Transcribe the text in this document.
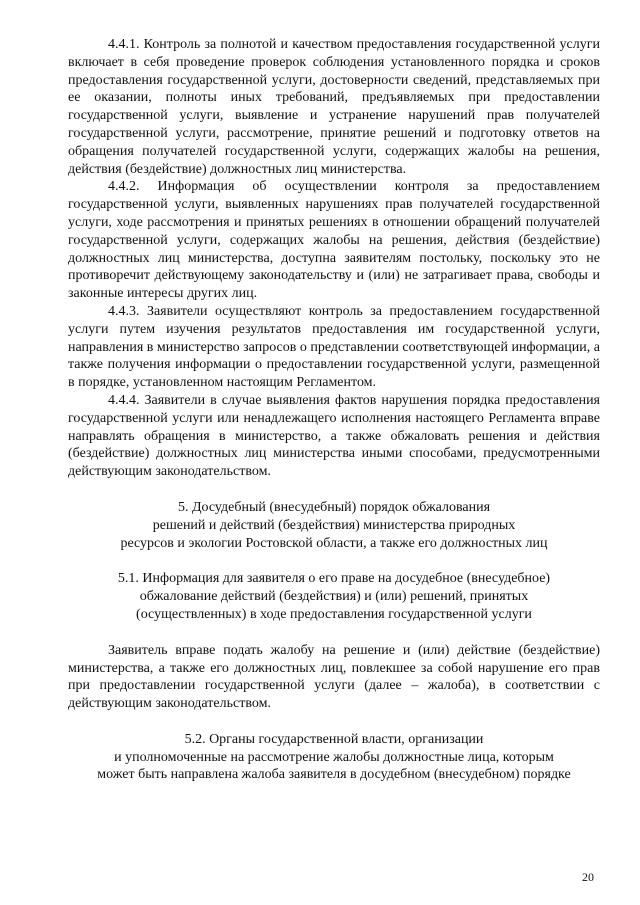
4.4.1. Контроль за полнотой и качеством предоставления государственной услуги включает в себя проведение проверок соблюдения установленного порядка и сроков предоставления государственной услуги, достоверности сведений, представляемых при ее оказании, полноты иных требований, предъявляемых при предоставлении государственной услуги, выявление и устранение нарушений прав получателей государственной услуги, рассмотрение, принятие решений и подготовку ответов на обращения получателей государственной услуги, содержащих жалобы на решения, действия (бездействие) должностных лиц министерства.

4.4.2. Информация об осуществлении контроля за предоставлением государственной услуги, выявленных нарушениях прав получателей государственной услуги, ходе рассмотрения и принятых решениях в отношении обращений получателей государственной услуги, содержащих жалобы на решения, действия (бездействие) должностных лиц министерства, доступна заявителям постольку, поскольку это не противоречит действующему законодательству и (или) не затрагивает права, свободы и законные интересы других лиц.

4.4.3. Заявители осуществляют контроль за предоставлением государственной услуги путем изучения результатов предоставления им государственной услуги, направления в министерство запросов о представлении соответствующей информации, а также получения информации о предоставлении государственной услуги, размещенной в порядке, установленном настоящим Регламентом.

4.4.4. Заявители в случае выявления фактов нарушения порядка предоставления государственной услуги или ненадлежащего исполнения настоящего Регламента вправе направлять обращения в министерство, а также обжаловать решения и действия (бездействие) должностных лиц министерства иными способами, предусмотренными действующим законодательством.

5. Досудебный (внесудебный) порядок обжалования

решений и действий (бездействия) министерства природных

ресурсов и экологии Ростовской области, а также его должностных лиц

5.1. Информация для заявителя о его праве на досудебное (внесудебное)

обжалование действий (бездействия) и (или) решений, принятых

(осуществленных) в ходе предоставления государственной услуги

Заявитель вправе подать жалобу на решение и (или) действие (бездействие) министерства, а также его должностных лиц, повлекшее за собой нарушение его прав при предоставлении государственной услуги (далее – жалоба), в соответствии с действующим законодательством.

5.2. Органы государственной власти, организации

и уполномоченные на рассмотрение жалобы должностные лица, которым

может быть направлена жалоба заявителя в досудебном (внесудебном) порядке

20
